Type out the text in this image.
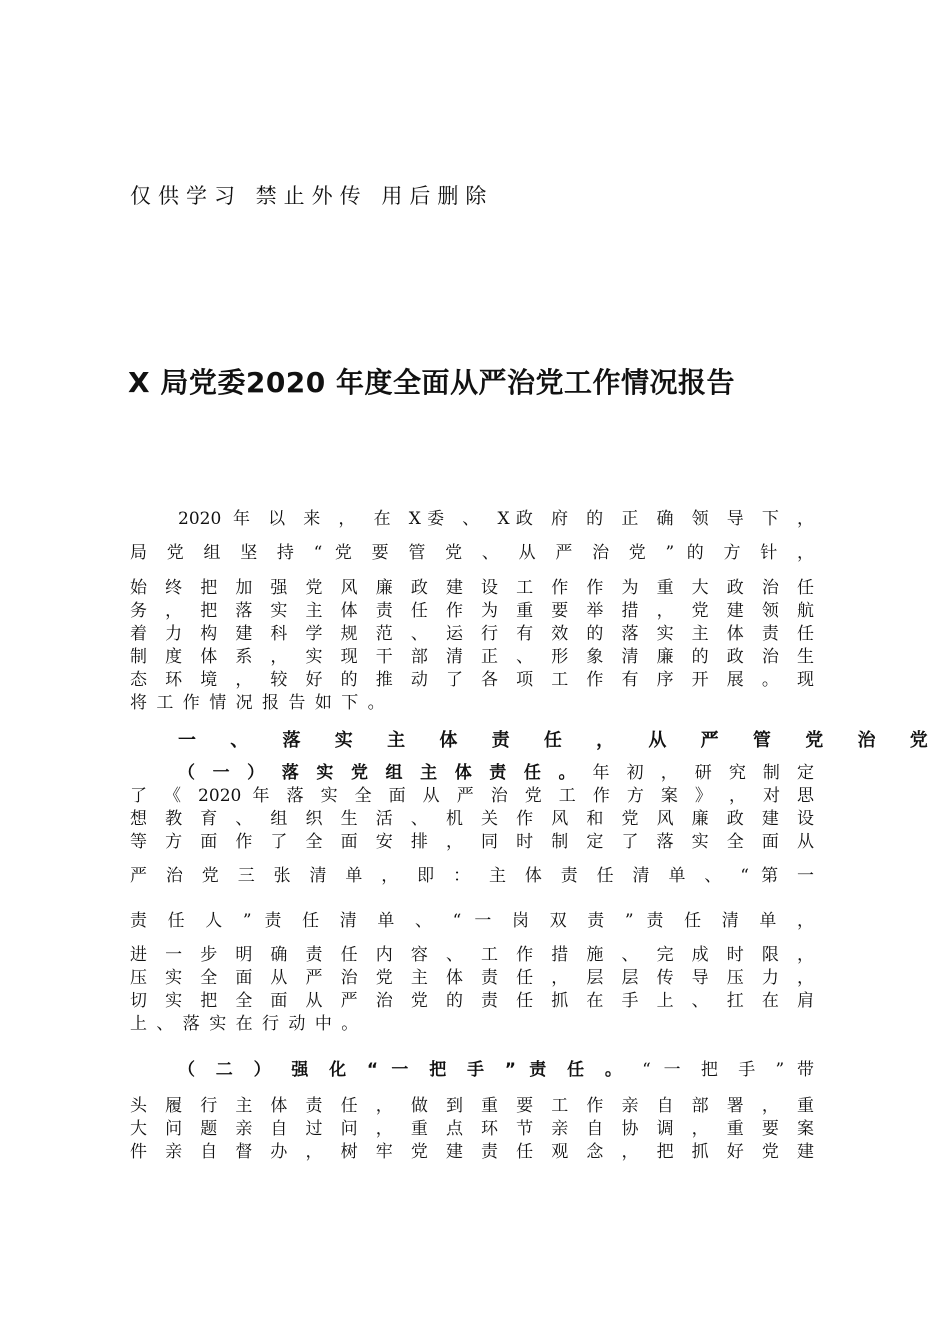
仅供学习 禁止外传 用后删除
X 局党委2020 年度全面从严治党工作情况报告
2020 年 以 来 ， 在 X委 、 X政 府 的 正 确 领 导 下 ，
局 党 组 坚 持 “ 党 要 管 党 、 从 严 治 党 ” 的 方 针 ，
始 终 把 加 强 党 风 廉 政 建 设 工 作 作 为 重 大 政 治 任
务 ， 把 落 实 主 体 责 任 作 为 重 要 举 措 ， 党 建 领 航
着 力 构 建 科 学 规 范 、 运 行 有 效 的 落 实 主 体 责 任
制 度 体 系 ， 实 现 干 部 清 正 、 形 象 清 廉 的 政 治 生
态 环 境 ， 较 好 的 推 动 了 各 项 工 作 有 序 开 展 。 现
将 工 作 情 况 报 告 如 下 。
一 、 落 实 主 体 责 任 ， 从 严 管 党 治 党
（ 一 ） 落 实 党 组 主 体 责 任 。 年 初 ， 研 究 制 定
了 《 2020 年 落 实 全 面 从 严 治 党 工 作 方 案 》 ， 对 思
想 教 育 、 组 织 生 活 、 机 关 作 风 和 党 风 廉 政 建 设
等 方 面 作 了 全 面 安 排 ， 同 时 制 定 了 落 实 全 面 从
严 治 党 三 张 清 单 ， 即 ： 主 体 责 任 清 单 、 “ 第 一
责 任 人 ” 责 任 清 单 、 “ 一 岗 双 责 ” 责 任 清 单 ，
进 一 步 明 确 责 任 内 容 、 工 作 措 施 、 完 成 时 限 ，
压 实 全 面 从 严 治 党 主 体 责 任 ， 层 层 传 导 压 力 ，
切 实 把 全 面 从 严 治 党 的 责 任 抓 在 手 上 、 扛 在 肩
上 、 落 实 在 行 动 中 。
（ 二 ） 强 化 “ 一 把 手 ” 责 任 。 “ 一 把 手 ” 带
头 履 行 主 体 责 任 ， 做 到 重 要 工 作 亲 自 部 署 ， 重
大 问 题 亲 自 过 问 ， 重 点 环 节 亲 自 协 调 ， 重 要 案
件 亲 自 督 办 ， 树 牢 党 建 责 任 观 念 ， 把 抓 好 党 建
